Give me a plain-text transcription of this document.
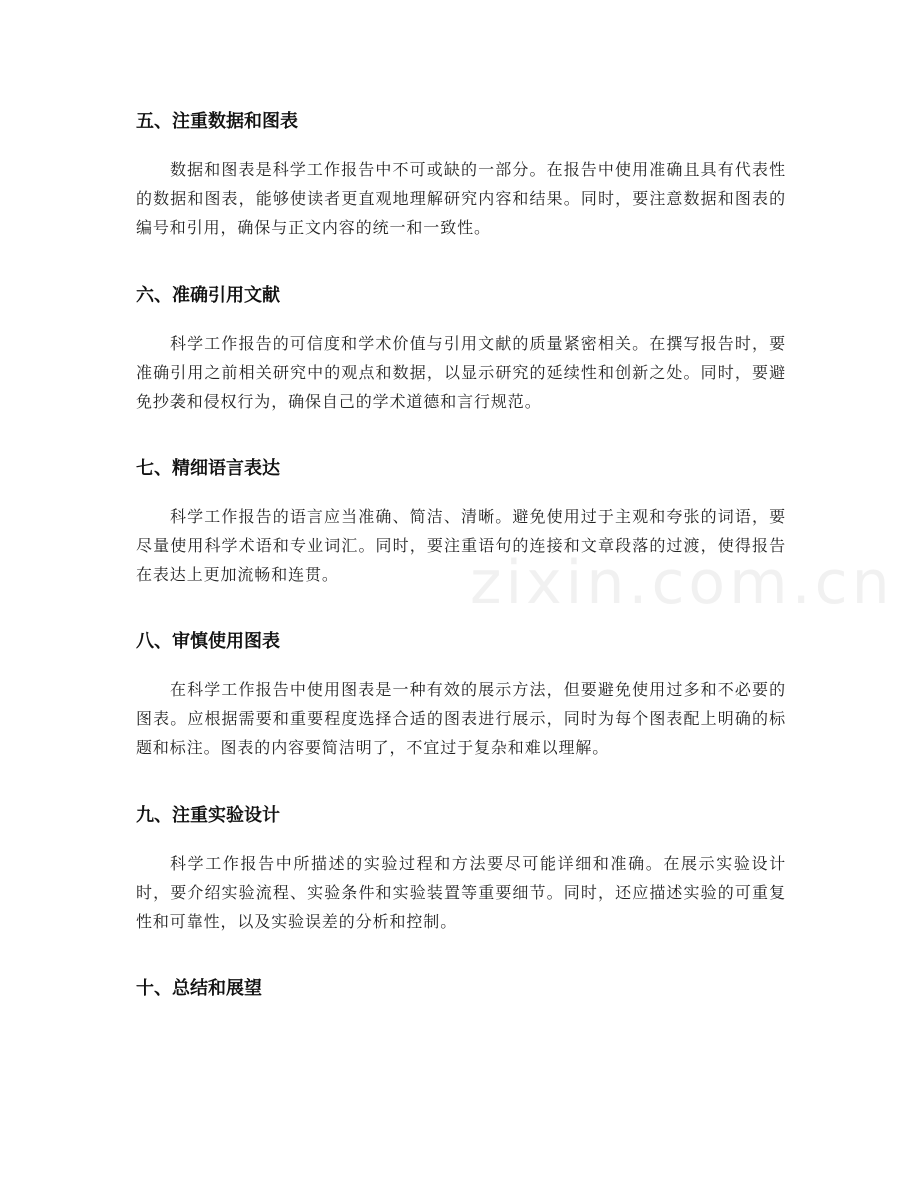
五、注重数据和图表

数据和图表是科学工作报告中不可或缺的一部分。在报告中使用准确且具有代表性的数据和图表，能够使读者更直观地理解研究内容和结果。同时，要注意数据和图表的编号和引用，确保与正文内容的统一和一致性。

六、准确引用文献

科学工作报告的可信度和学术价值与引用文献的质量紧密相关。在撰写报告时，要准确引用之前相关研究中的观点和数据，以显示研究的延续性和创新之处。同时，要避免抄袭和侵权行为，确保自己的学术道德和言行规范。

七、精细语言表达

科学工作报告的语言应当准确、简洁、清晰。避免使用过于主观和夸张的词语，要尽量使用科学术语和专业词汇。同时，要注重语句的连接和文章段落的过渡，使得报告在表达上更加流畅和连贯。

八、审慎使用图表

在科学工作报告中使用图表是一种有效的展示方法，但要避免使用过多和不必要的图表。应根据需要和重要程度选择合适的图表进行展示，同时为每个图表配上明确的标题和标注。图表的内容要简洁明了，不宜过于复杂和难以理解。

九、注重实验设计

科学工作报告中所描述的实验过程和方法要尽可能详细和准确。在展示实验设计时，要介绍实验流程、实验条件和实验装置等重要细节。同时，还应描述实验的可重复性和可靠性，以及实验误差的分析和控制。

十、总结和展望
zixin.com.cn
